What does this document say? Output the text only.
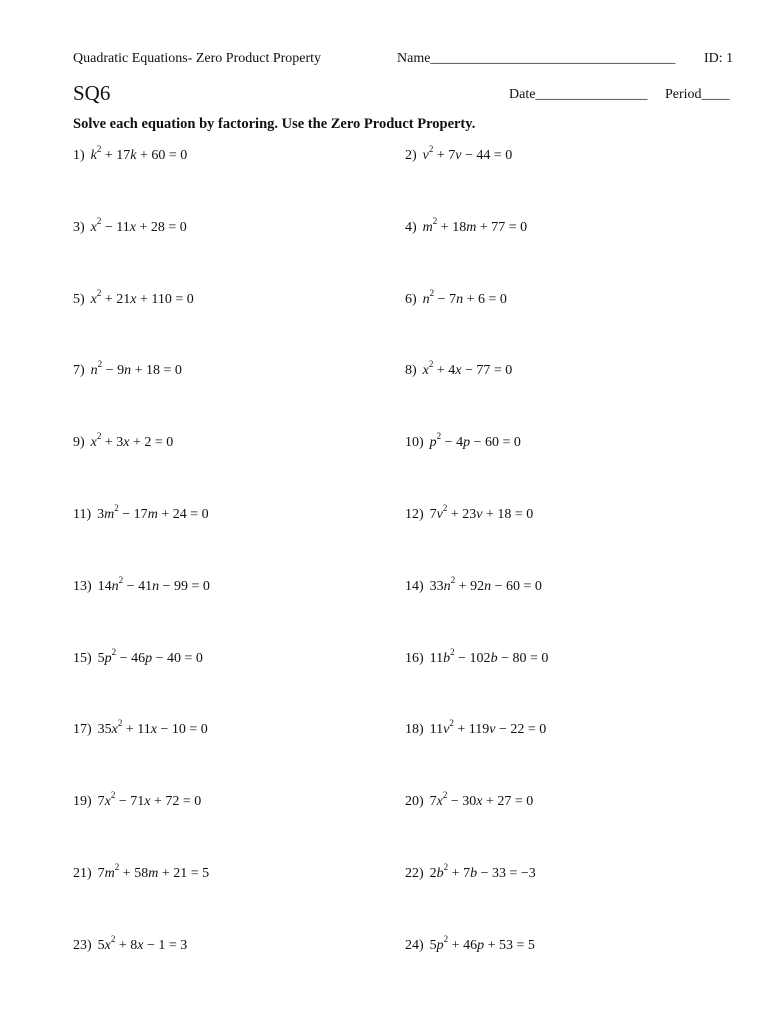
Quadratic Equations- Zero Product Property	Name___________________________________ ID: 1
SQ6	Date________________ Period____
Solve each equation by factoring. Use the Zero Product Property.
1) $k^2 + 17k + 60 = 0$	2) $v^2 + 7v - 44 = 0$
3) $x^2 - 11x + 28 = 0$	4) $m^2 + 18m + 77 = 0$
5) $x^2 + 21x + 110 = 0$	6) $n^2 - 7n + 6 = 0$
7) $n^2 - 9n + 18 = 0$	8) $x^2 + 4x - 77 = 0$
9) $x^2 + 3x + 2 = 0$	10) $p^2 - 4p - 60 = 0$
11) $3m^2 - 17m + 24 = 0$	12) $7v^2 + 23v + 18 = 0$
13) $14n^2 - 41n - 99 = 0$	14) $33n^2 + 92n - 60 = 0$
15) $5p^2 - 46p - 40 = 0$	16) $11b^2 - 102b - 80 = 0$
17) $35x^2 + 11x - 10 = 0$	18) $11v^2 + 119v - 22 = 0$
19) $7x^2 - 71x + 72 = 0$	20) $7x^2 - 30x + 27 = 0$
21) $7m^2 + 58m + 21 = 5$	22) $2b^2 + 7b - 33 = -3$
23) $5x^2 + 8x - 1 = 3$	24) $5p^2 + 46p + 53 = 5$
